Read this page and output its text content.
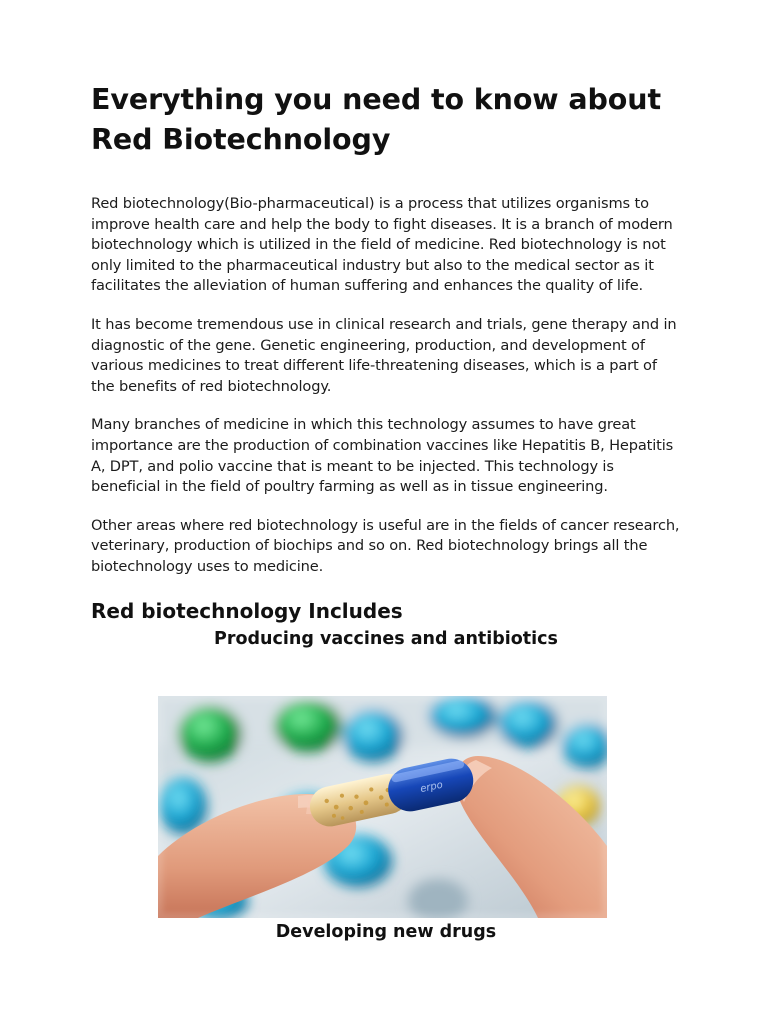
Everything you need to know about Red Biotechnology

Red biotechnology(Bio-pharmaceutical) is a process that utilizes organisms to improve health care and help the body to fight diseases. It is a branch of modern biotechnology which is utilized in the field of medicine. Red biotechnology is not only limited to the pharmaceutical industry but also to the medical sector as it facilitates the alleviation of human suffering and enhances the quality of life.

It has become tremendous use in clinical research and trials, gene therapy and in diagnostic of the gene. Genetic engineering, production, and development of various medicines to treat different life-threatening diseases, which is a part of the benefits of red biotechnology.

Many branches of medicine in which this technology assumes to have great importance are the production of combination vaccines like Hepatitis B, Hepatitis A, DPT, and polio vaccine that is meant to be injected. This technology is beneficial in the field of poultry farming as well as in tissue engineering.

Other areas where red biotechnology is useful are in the fields of cancer research, veterinary, production of biochips and so on. Red biotechnology brings all the biotechnology uses to medicine.

Red biotechnology Includes
Producing vaccines and antibiotics
erpo

Developing new drugs
